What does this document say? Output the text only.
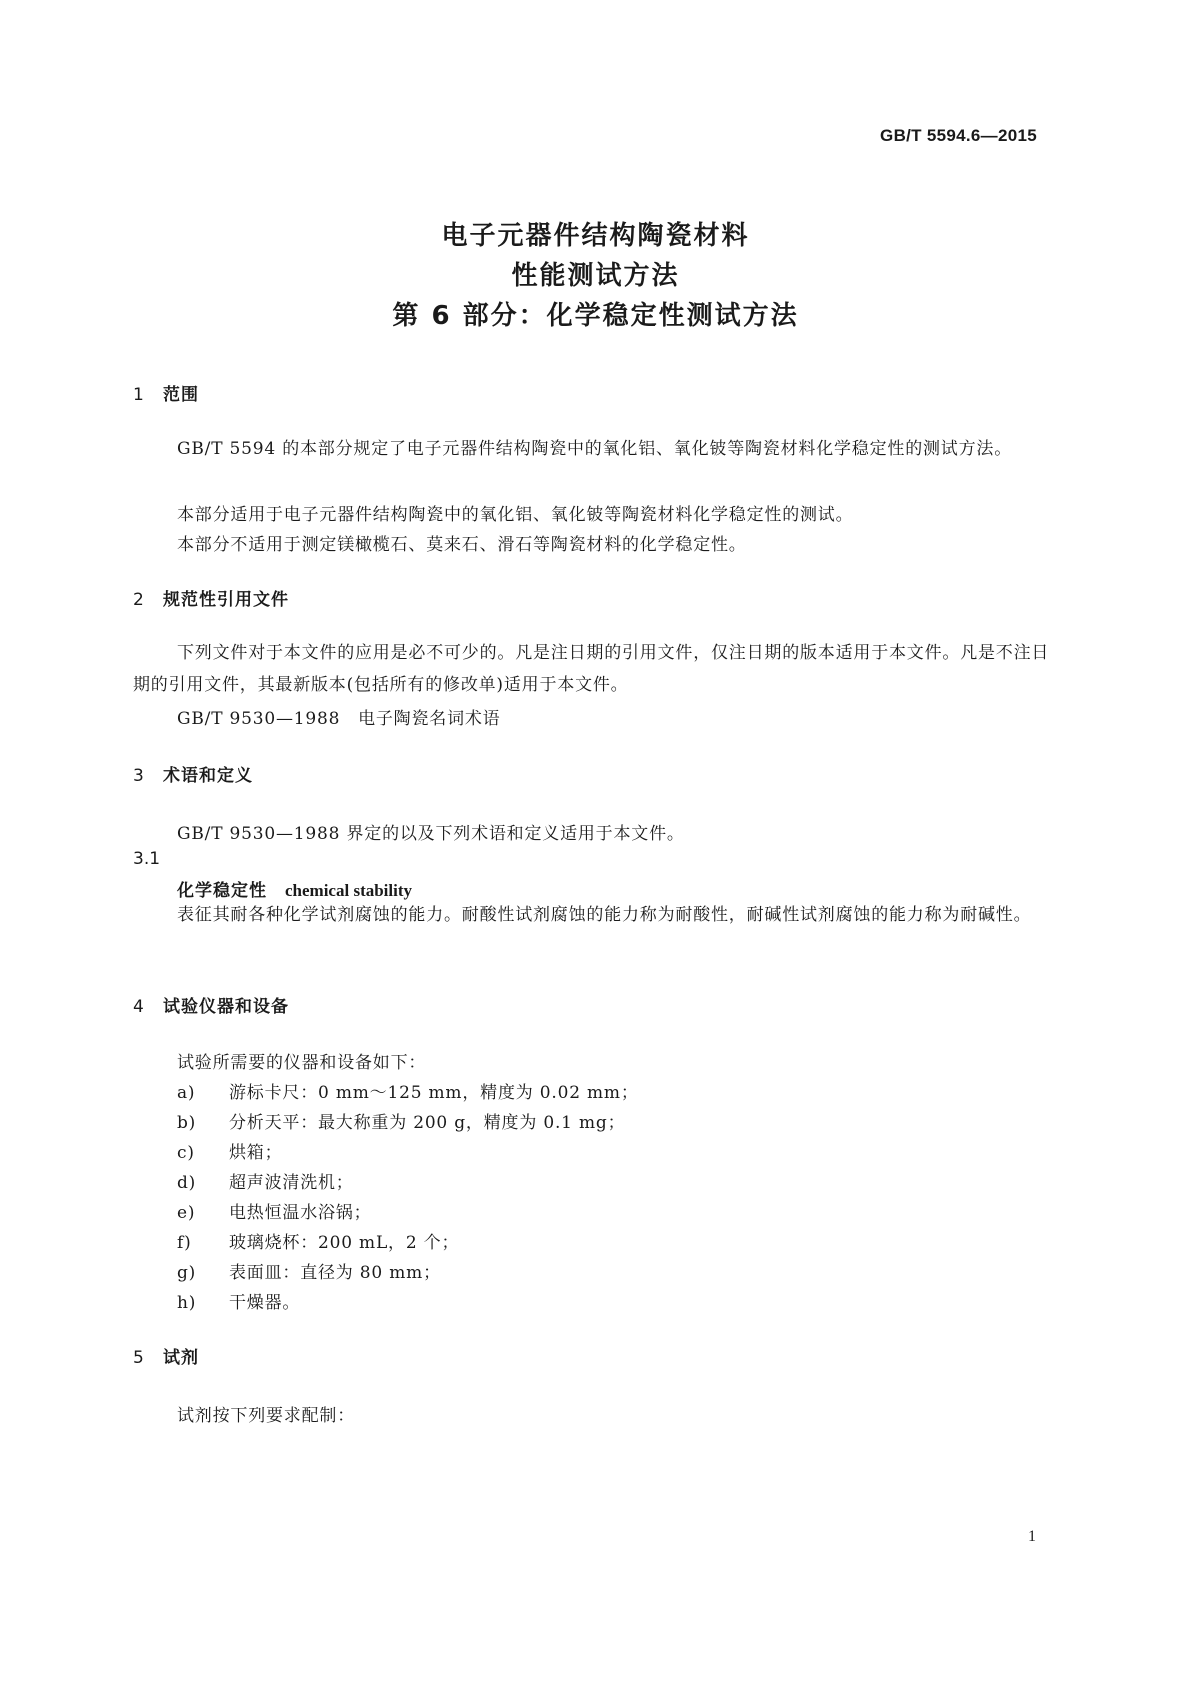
GB/T 5594.6—2015
电子元器件结构陶瓷材料
性能测试方法
第 6 部分：化学稳定性测试方法
1 范围
GB/T 5594 的本部分规定了电子元器件结构陶瓷中的氧化铝、氧化铍等陶瓷材料化学稳定性的测试方法。
本部分适用于电子元器件结构陶瓷中的氧化铝、氧化铍等陶瓷材料化学稳定性的测试。
本部分不适用于测定镁橄榄石、莫来石、滑石等陶瓷材料的化学稳定性。
2 规范性引用文件
下列文件对于本文件的应用是必不可少的。凡是注日期的引用文件，仅注日期的版本适用于本文件。凡是不注日期的引用文件，其最新版本(包括所有的修改单)适用于本文件。
GB/T 9530—1988　电子陶瓷名词术语
3 术语和定义
GB/T 9530—1988 界定的以及下列术语和定义适用于本文件。
3.1
化学稳定性 chemical stability
表征其耐各种化学试剂腐蚀的能力。耐酸性试剂腐蚀的能力称为耐酸性，耐碱性试剂腐蚀的能力称为耐碱性。
4 试验仪器和设备
试验所需要的仪器和设备如下：
a) 游标卡尺：0 mm～125 mm，精度为 0.02 mm；
b) 分析天平：最大称重为 200 g，精度为 0.1 mg；
c) 烘箱；
d) 超声波清洗机；
e) 电热恒温水浴锅；
f) 玻璃烧杯：200 mL，2 个；
g) 表面皿：直径为 80 mm；
h) 干燥器。
5 试剂
试剂按下列要求配制：
1
